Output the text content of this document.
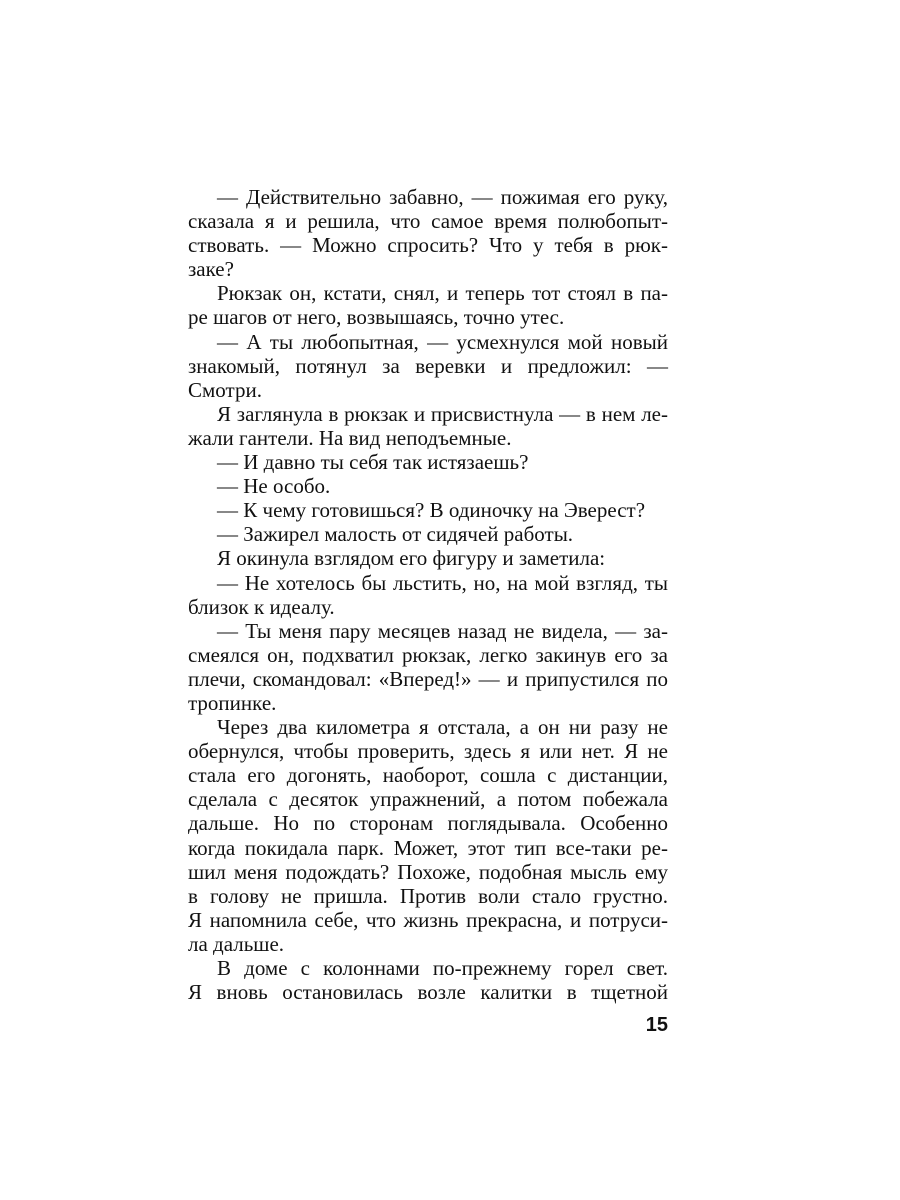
— Действительно забавно, — пожимая его руку,
сказала я и решила, что самое время полюбопыт-
ствовать. — Можно спросить? Что у тебя в рюк-
заке?
Рюкзак он, кстати, снял, и теперь тот стоял в па-
ре шагов от него, возвышаясь, точно утес.
— А ты любопытная, — усмехнулся мой новый
знакомый, потянул за веревки и предложил: —
Смотри.
Я заглянула в рюкзак и присвистнула — в нем ле-
жали гантели. На вид неподъемные.
— И давно ты себя так истязаешь?
— Не особо.
— К чему готовишься? В одиночку на Эверест?
— Зажирел малость от сидячей работы.
Я окинула взглядом его фигуру и заметила:
— Не хотелось бы льстить, но, на мой взгляд, ты
близок к идеалу.
— Ты меня пару месяцев назад не видела, — за-
смеялся он, подхватил рюкзак, легко закинув его за
плечи, скомандовал: «Вперед!» — и припустился по
тропинке.
Через два километра я отстала, а он ни разу не
обернулся, чтобы проверить, здесь я или нет. Я не
стала его догонять, наоборот, сошла с дистанции,
сделала с десяток упражнений, а потом побежала
дальше. Но по сторонам поглядывала. Особенно
когда покидала парк. Может, этот тип все-таки ре-
шил меня подождать? Похоже, подобная мысль ему
в голову не пришла. Против воли стало грустно.
Я напомнила себе, что жизнь прекрасна, и потруси-
ла дальше.
В доме с колоннами по-прежнему горел свет.
Я вновь остановилась возле калитки в тщетной
15
